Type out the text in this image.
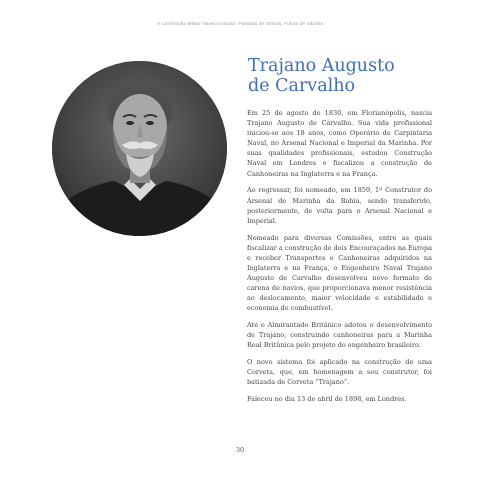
A Construção Militar Naval no Brasil: Passado de Glórias, Futuro de Vitórias
Trajano Augusto
de Carvalho

Em 25 de agosto de 1830, em Florianópolis, nascia Trajano Augusto de Carvalho. Sua vida profissional iniciou-se aos 18 anos, como Operário de Carpintaria Naval, no Arsenal Nacional e Imperial da Marinha. Por suas qualidades profissionais, estudou Construção Naval em Londres e fiscalizou a construção de Canhoneiras na Inglaterra e na França.

Ao regressar, foi nomeado, em 1859, 1º Construtor do Arsenal de Marinha da Bahia, sendo transferido, posteriormente, de volta para o Arsenal Nacional e Imperial.

Nomeado para diversas Comissões, entre as quais fiscalizar a construção de dois Encouraçados na Europa e receber Transportes e Canhoneiras adquiridos na Inglaterra e na França, o Engenheiro Naval Trajano Augusto de Carvalho desenvolveu novo formato de carena de navios, que proporcionava menor resistência ao deslocamento, maior velocidade e estabilidade e economia de combustível.

Até o Almirantado Britânico adotou o desenvolvimento de Trajano, construindo canhoneiras para a Marinha Real Britânica pelo projeto do engenheiro brasileiro.

O novo sistema foi aplicado na construção de uma Corveta, que, em homenagem a seu construtor, foi batizada de Corveta “Trajano”.

Faleceu no dia 13 de abril de 1898, em Londres.

30
